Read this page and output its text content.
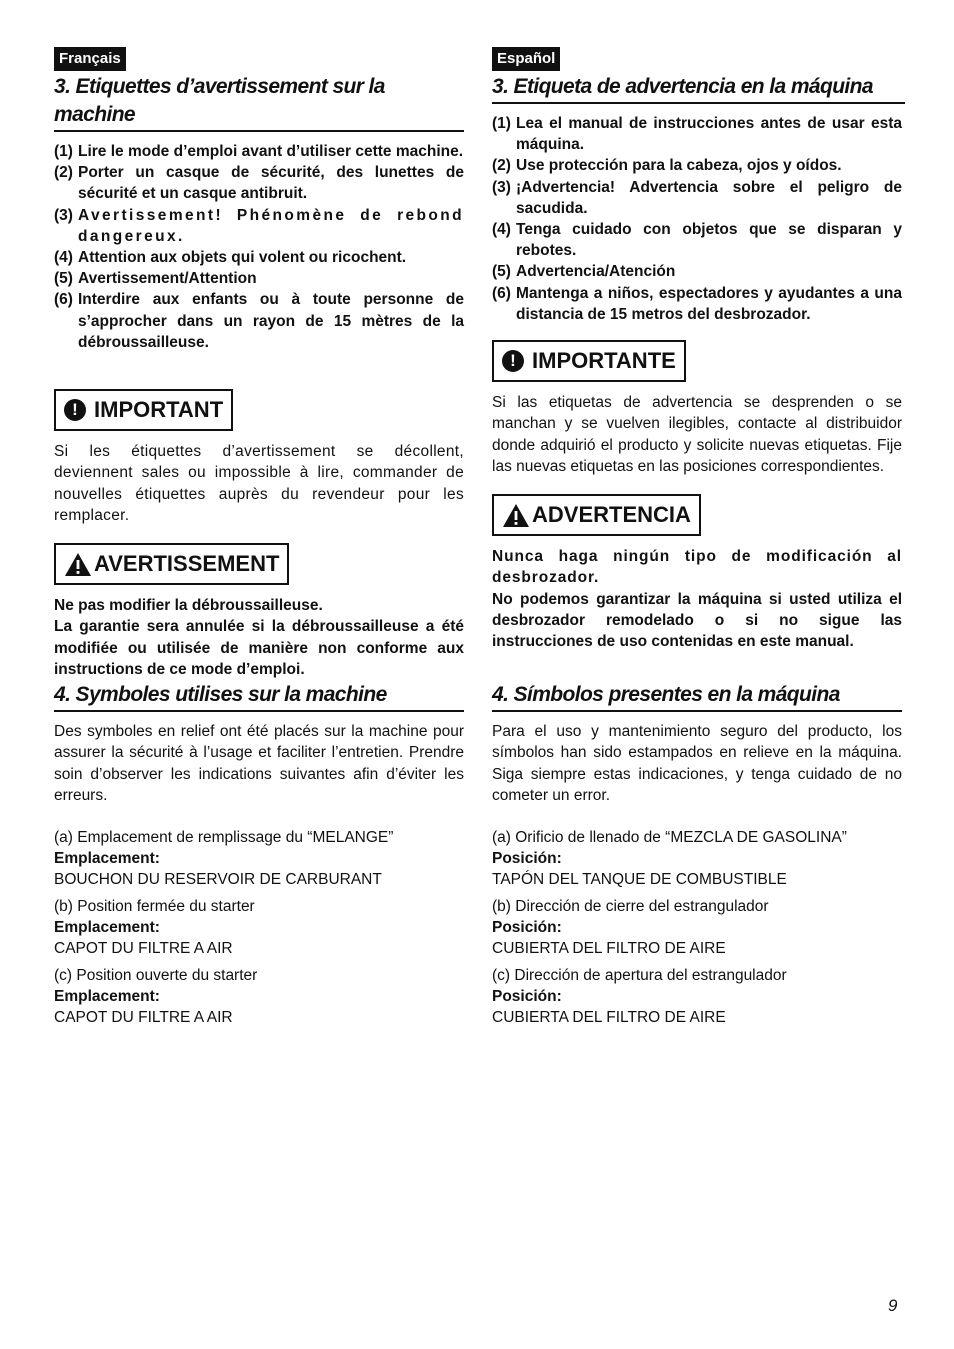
Français
3. Etiquettes d’avertissement sur la machine
(1) Lire le mode d’emploi avant d’utiliser cette machine.
(2) Porter un casque de sécurité, des lunettes de sécurité et un casque antibruit.
(3) Avertissement! Phénomène de rebond dangereux.
(4) Attention aux objets qui volent ou ricochent.
(5) Avertissement/Attention
(6) Interdire aux enfants ou à toute personne de s’approcher dans un rayon de 15 mètres de la débroussailleuse.
! IMPORTANT

Si les étiquettes d’avertissement se décollent, deviennent sales ou impossible à lire, commander de nouvelles étiquettes auprès du revendeur pour les remplacer.

AVERTISSEMENT

Ne pas modifier la débroussailleuse.

La garantie sera annulée si la débroussailleuse a été modifiée ou utilisée de manière non conforme aux instructions de ce mode d’emploi.

4. Symboles utilises sur la machine

Des symboles en relief ont été placés sur la machine pour assurer la sécurité à l’usage et faciliter l’entretien. Prendre soin d’observer les indications suivantes afin d’éviter les erreurs.

(a) Emplacement de remplissage du “MELANGE”
Emplacement:
BOUCHON DU RESERVOIR DE CARBURANT
(b) Position fermée du starter
Emplacement:
CAPOT DU FILTRE A AIR
(c) Position ouverte du starter
Emplacement:
CAPOT DU FILTRE A AIR
Español
3. Etiqueta de advertencia en la máquina
(1) Lea el manual de instrucciones antes de usar esta máquina.
(2) Use protección para la cabeza, ojos y oídos.
(3) ¡Advertencia! Advertencia sobre el peligro de sacudida.
(4) Tenga cuidado con objetos que se disparan y rebotes.
(5) Advertencia/Atención
(6) Mantenga a niños, espectadores y ayudantes a una distancia de 15 metros del desbrozador.
! IMPORTANTE

Si las etiquetas de advertencia se desprenden o se manchan y se vuelven ilegibles, contacte al distribuidor donde adquirió el producto y solicite nuevas etiquetas. Fije las nuevas etiquetas en las posiciones correspondientes.

ADVERTENCIA

Nunca haga ningún tipo de modificación al desbrozador.

No podemos garantizar la máquina si usted utiliza el desbrozador remodelado o si no sigue las instrucciones de uso contenidas en este manual.

4. Símbolos presentes en la máquina

Para el uso y mantenimiento seguro del producto, los símbolos han sido estampados en relieve en la máquina. Siga siempre estas indicaciones, y tenga cuidado de no cometer un error.

(a) Orificio de llenado de “MEZCLA DE GASOLINA”
Posición:
TAPÓN DEL TANQUE DE COMBUSTIBLE
(b) Dirección de cierre del estrangulador
Posición:
CUBIERTA DEL FILTRO DE AIRE
(c) Dirección de apertura del estrangulador
Posición:
CUBIERTA DEL FILTRO DE AIRE
9
